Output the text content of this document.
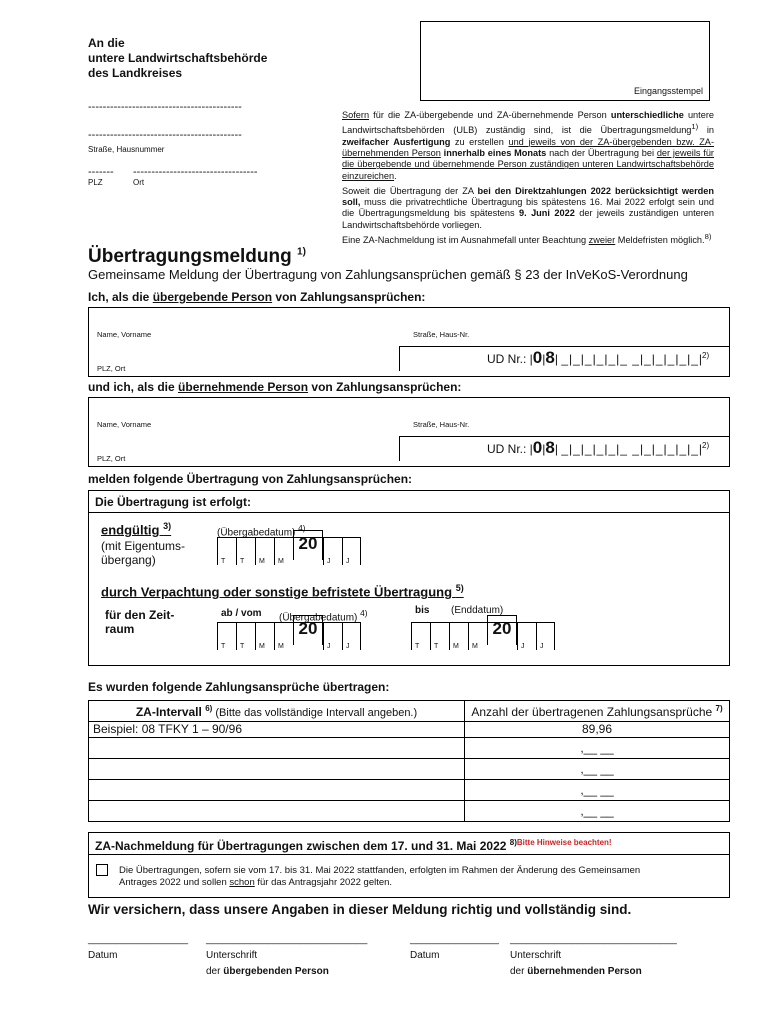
An die
untere Landwirtschaftsbehörde
des Landkreises
Eingangsstempel
------------------------------------------
------------------------------------------
Straße, Hausnummer
------- ----------------------------------
PLZ	Ort

Sofern für die ZA-übergebende und ZA-übernehmende Person unterschiedliche untere Landwirtschaftsbehörden (ULB) zuständig sind, ist die Übertragungsmeldung$^{1)}$ in zweifacher Ausfertigung zu erstellen und jeweils von der ZA-übergebenden bzw. ZA-übernehmenden Person innerhalb eines Monats nach der Übertragung bei der jeweils für die übergebende und übernehmende Person zuständigen unteren Landwirtschaftsbehörde einzureichen.

Soweit die Übertragung der ZA bei den Direktzahlungen 2022 berücksichtigt werden soll, muss die privatrechtliche Übertragung bis spätestens 16. Mai 2022 erfolgt sein und die Übertragungsmeldung bis spätestens 9. Juni 2022 der jeweils zuständigen unteren Landwirtschaftsbehörde vorliegen.
Eine ZA-Nachmeldung ist im Ausnahmefall unter Beachtung zweier Meldefristen möglich.$^{8)}$

Übertragungsmeldung $^{1)}$
Gemeinsame Meldung der Übertragung von Zahlungsansprüchen gemäß § 23 der InVeKoS-Verordnung
Ich, als die übergebende Person von Zahlungsansprüchen:
Name, Vorname	Straße, Haus-Nr.
PLZ, Ort
UD Nr.: |0|8| _|_|_|_|_|_ $\_|\_|\_|\_|\_|\_|^{2)}$
und ich, als die übernehmende Person von Zahlungsansprüchen:
Name, Vorname	Straße, Haus-Nr.
PLZ, Ort
UD Nr.: |0|8| _|_|_|_|_|_ $\_|\_|\_|\_|\_|\_|^{2)}$
melden folgende Übertragung von Zahlungsansprüchen:
Die Übertragung ist erfolgt:
endgültig $^{3)}$
(mit Eigentums-
übergang)
(Übergabedatum) $^{4)}$
T T M M
20
J J
durch Verpachtung oder sonstige befristete Übertragung $^{5)}$
für den Zeit-
raum
ab / vom (Übergabedatum) $^{4)}$
T T M M
20
J J
bis (Enddatum)
T T M M
20
J J
Es wurden folgende Zahlungsansprüche übertragen:
ZA-Intervall $^{6)}$ (Bitte das vollständige Intervall angeben.)	Anzahl der übertragenen Zahlungsansprüche $^{7)}$
Beispiel: 08 TFKY 1 – 90/96	89,96
	,__ __
	,__ __
	,__ __
	,__ __
ZA-Nachmeldung für Übertragungen zwischen dem 17. und 31. Mai 2022 $^{8)Bitte Hinweise beachten!}$
Die Übertragungen, sofern sie vom 17. bis 31. Mai 2022 stattfanden, erfolgten im Rahmen der Änderung des Gemeinsamen
Antrages 2022 und sollen schon für das Antragsjahr 2022 gelten.
Wir versichern, dass unsere Angaben in dieser Meldung richtig und vollständig sind.
__________________ _____________________________	________________ ______________________________
Datum	Unterschrift	Datum	Unterschrift
der übergebenden Person	der übernehmenden Person
